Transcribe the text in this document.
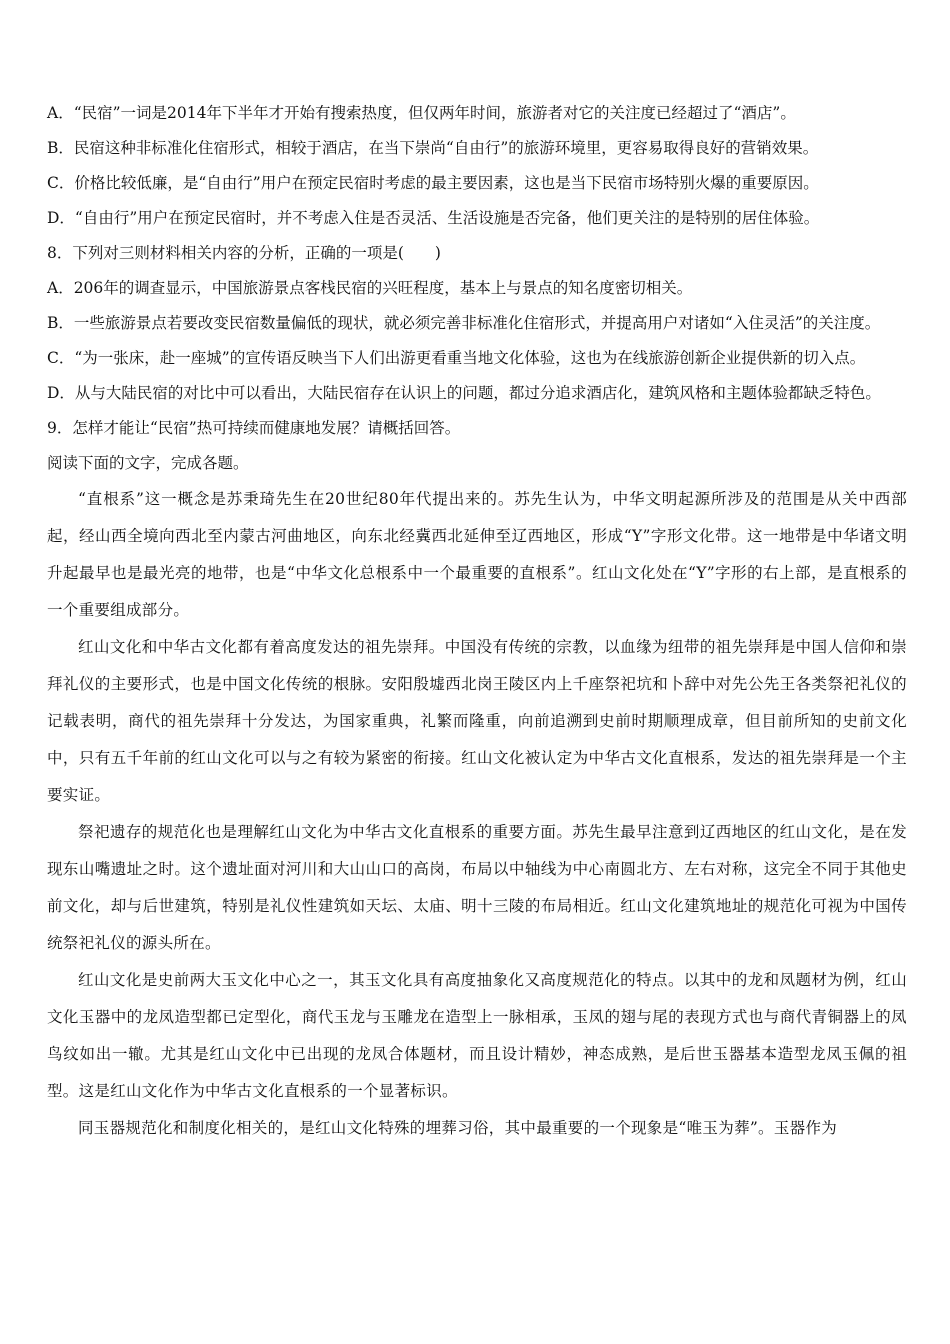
A．“民宿”一词是2014年下半年才开始有搜索热度，但仅两年时间，旅游者对它的关注度已经超过了“酒店”。

B．民宿这种非标准化住宿形式，相较于酒店，在当下崇尚“自由行”的旅游环境里，更容易取得良好的营销效果。

C．价格比较低廉，是“自由行”用户在预定民宿时考虑的最主要因素，这也是当下民宿市场特别火爆的重要原因。

D．“自由行”用户在预定民宿时，并不考虑入住是否灵活、生活设施是否完备，他们更关注的是特别的居住体验。

8．下列对三则材料相关内容的分析，正确的一项是(　　)

A．206年的调查显示，中国旅游景点客栈民宿的兴旺程度，基本上与景点的知名度密切相关。

B．一些旅游景点若要改变民宿数量偏低的现状，就必须完善非标准化住宿形式，并提高用户对诸如“入住灵活”的关注度。

C．“为一张床，赴一座城”的宣传语反映当下人们出游更看重当地文化体验，这也为在线旅游创新企业提供新的切入点。

D．从与大陆民宿的对比中可以看出，大陆民宿存在认识上的问题，都过分追求酒店化，建筑风格和主题体验都缺乏特色。

9．怎样才能让“民宿”热可持续而健康地发展？请概括回答。

阅读下面的文字，完成各题。

“直根系”这一概念是苏秉琦先生在20世纪80年代提出来的。苏先生认为，中华文明起源所涉及的范围是从关中西部起，经山西全境向西北至内蒙古河曲地区，向东北经冀西北延伸至辽西地区，形成“Y”字形文化带。这一地带是中华诸文明升起最早也是最光亮的地带，也是“中华文化总根系中一个最重要的直根系”。红山文化处在“Y”字形的右上部，是直根系的一个重要组成部分。

红山文化和中华古文化都有着高度发达的祖先崇拜。中国没有传统的宗教，以血缘为纽带的祖先崇拜是中国人信仰和崇拜礼仪的主要形式，也是中国文化传统的根脉。安阳殷墟西北岗王陵区内上千座祭祀坑和卜辞中对先公先王各类祭祀礼仪的记载表明，商代的祖先崇拜十分发达，为国家重典，礼繁而隆重，向前追溯到史前时期顺理成章，但目前所知的史前文化中，只有五千年前的红山文化可以与之有较为紧密的衔接。红山文化被认定为中华古文化直根系，发达的祖先崇拜是一个主要实证。

祭祀遗存的规范化也是理解红山文化为中华古文化直根系的重要方面。苏先生最早注意到辽西地区的红山文化，是在发现东山嘴遗址之时。这个遗址面对河川和大山山口的高岗，布局以中轴线为中心南圆北方、左右对称，这完全不同于其他史前文化，却与后世建筑，特别是礼仪性建筑如天坛、太庙、明十三陵的布局相近。红山文化建筑地址的规范化可视为中国传统祭祀礼仪的源头所在。

红山文化是史前两大玉文化中心之一，其玉文化具有高度抽象化又高度规范化的特点。以其中的龙和凤题材为例，红山文化玉器中的龙凤造型都已定型化，商代玉龙与玉雕龙在造型上一脉相承，玉凤的翅与尾的表现方式也与商代青铜器上的凤鸟纹如出一辙。尤其是红山文化中已出现的龙凤合体题材，而且设计精妙，神态成熟，是后世玉器基本造型龙凤玉佩的祖型。这是红山文化作为中华古文化直根系的一个显著标识。

同玉器规范化和制度化相关的，是红山文化特殊的埋葬习俗，其中最重要的一个现象是“唯玉为葬”。玉器作为
